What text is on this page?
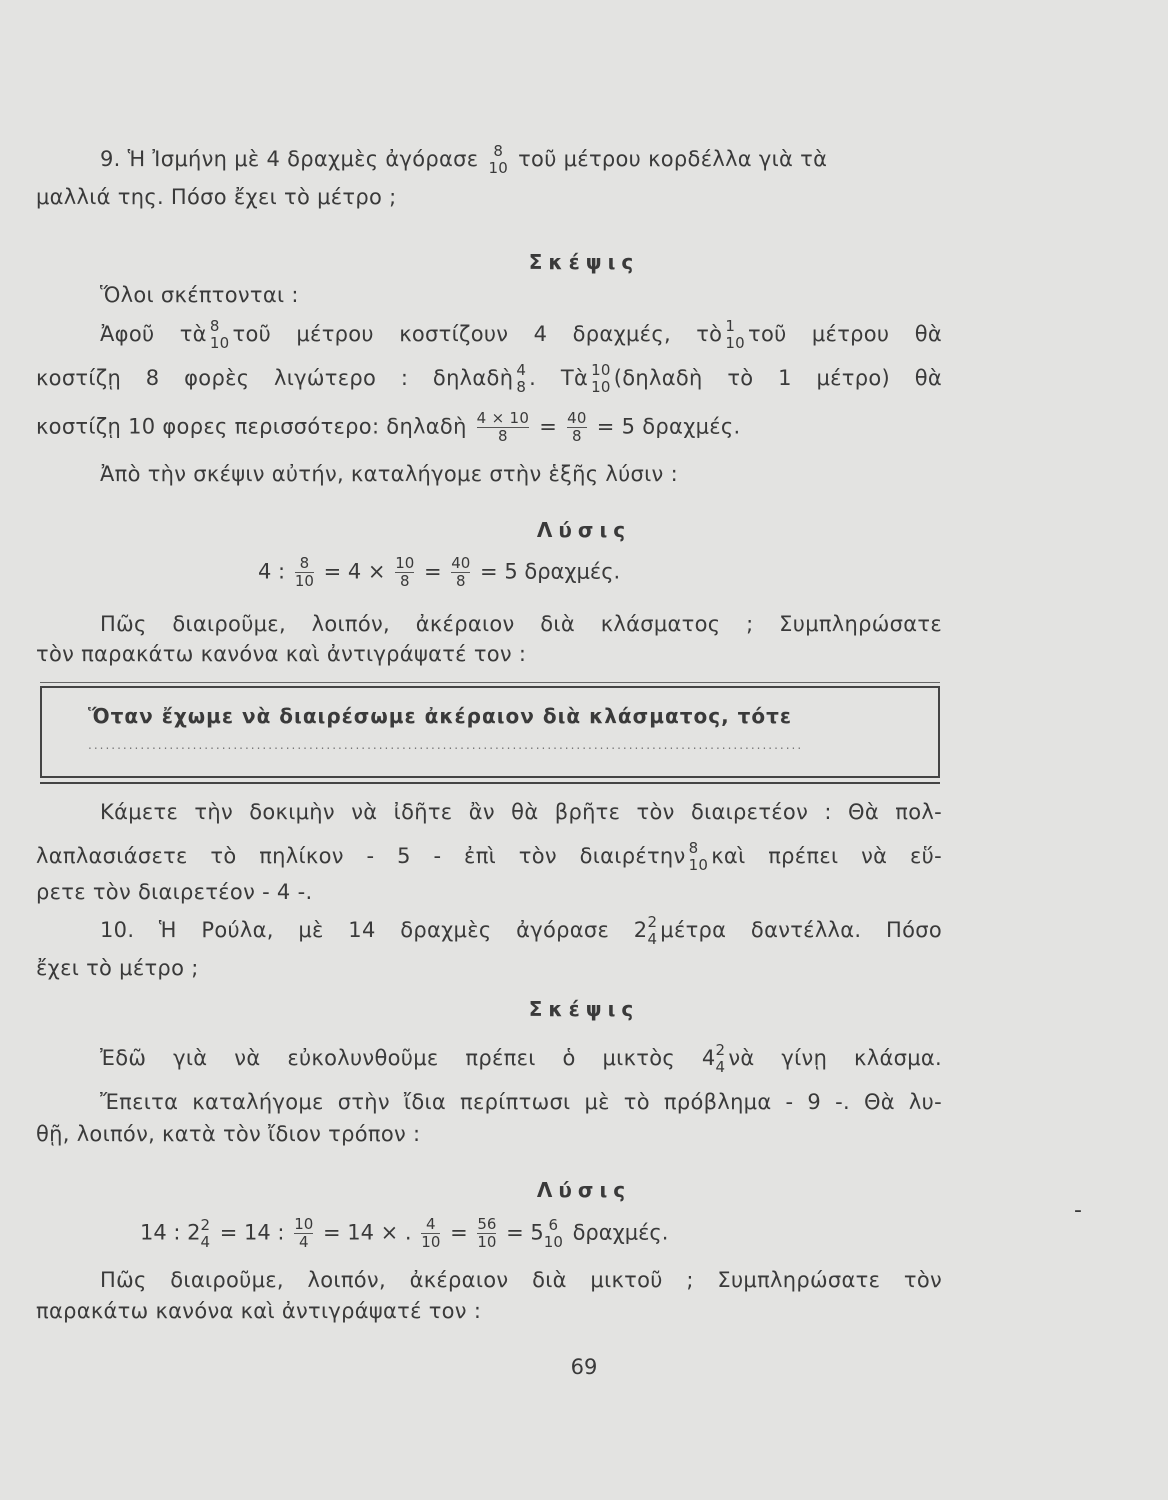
9. Ἡ Ἰσμήνη μὲ 4 δραχμὲς ἀγόρασε 8
10 τοῦ μέτρου κορδέλλα γιὰ τὰ
μαλλιά της. Πόσο ἔχει τὸ μέτρο ;
Σκέψις
Ὅλοι σκέπτονται :
Ἀφοῦ τὰ 8
10 τοῦ μέτρου κοστίζουν 4 δραχμές, τὸ 1
10 τοῦ μέτρου θὰ
κοστίζῃ 8 φορὲς λιγώτερο : δηλαδὴ 4
8 . Τὰ 10
10 (δηλαδὴ τὸ 1 μέτρο) θὰ
κοστίζῃ 10 φορες περισσότερο: δηλαδὴ $\frac{4 \times 10}{8} = \frac{40}{8} = 5$ δραχμές.
Ἀπὸ τὴν σκέψιν αὐτήν, καταλήγομε στὴν ἑξῆς λύσιν :
Λύσις
4 : $\frac{8}{10} = 4 \times \frac{10}{8} = \frac{40}{8} = 5$ δραχμές.
Πῶς διαιροῦμε, λοιπόν, ἀκέραιον διὰ κλάσματος ; Συμπληρώσατε
τὸν παρακάτω κανόνα καὶ ἀντιγράψατέ τον :
Ὅταν ἔχωμε νὰ διαιρέσωμε ἀκέραιον διὰ κλάσματος, τότε
...........................................................................................................................
Κάμετε τὴν δοκιμὴν νὰ ἰδῆτε ἂν θὰ βρῆτε τὸν διαιρετέον : Θὰ πολ-
λαπλασιάσετε τὸ πηλίκον - 5 - ἐπὶ τὸν διαιρέτην 8
10 καὶ πρέπει νὰ εὕ-
ρετε τὸν διαιρετέον - 4 -.
10. Ἡ Ρούλα, μὲ 14 δραχμὲς ἀγόρασε 2 2
4 μέτρα δαντέλλα. Πόσο
ἔχει τὸ μέτρο ;
Σκέψις
Ἐδῶ γιὰ νὰ εὐκολυνθοῦμε πρέπει ὁ μικτὸς 4 2
4 νὰ γίνῃ κλάσμα.
Ἔπειτα καταλήγομε στὴν ἴδια περίπτωσι μὲ τὸ πρόβλημα - 9 -. Θὰ λυ-
θῇ, λοιπόν, κατὰ τὸν ἴδιον τρόπον :
Λύσις
14 : 2 2
4 = 14 : $\frac{10}{4} = 14$ × . $\frac{4}{10} = \frac{56}{10} = 5$ 6
10 δραχμές.
Πῶς διαιροῦμε, λοιπόν, ἀκέραιον διὰ μικτοῦ ; Συμπληρώσατε τὸν
παρακάτω κανόνα καὶ ἀντιγράψατέ τον :
69
-
